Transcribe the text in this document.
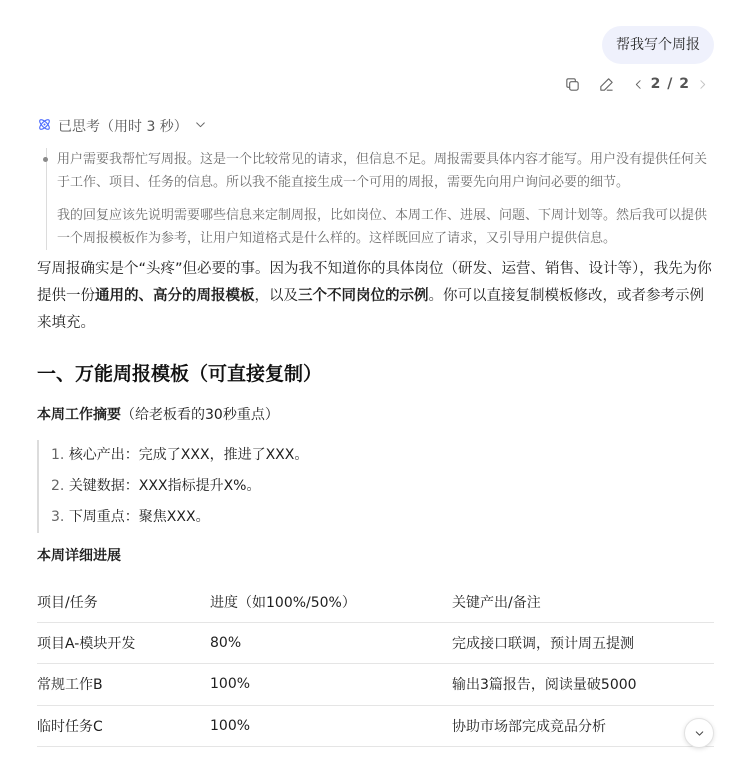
帮我写个周报
2 / 2
已思考（用时 3 秒）

用户需要我帮忙写周报。这是一个比较常见的请求，但信息不足。周报需要具体内容才能写。用户没有提供任何关于工作、项目、任务的信息。所以我不能直接生成一个可用的周报，需要先向用户询问必要的细节。

我的回复应该先说明需要哪些信息来定制周报，比如岗位、本周工作、进展、问题、下周计划等。然后我可以提供一个周报模板作为参考，让用户知道格式是什么样的。这样既回应了请求，又引导用户提供信息。

写周报确实是个“头疼”但必要的事。因为我不知道你的具体岗位（研发、运营、销售、设计等），我先为你提供一份通用的、高分的周报模板，以及三个不同岗位的示例。你可以直接复制模板修改，或者参考示例来填充。
一、万能周报模板（可直接复制）
本周工作摘要（给老板看的30秒重点）
1. 核心产出：完成了XXX，推进了XXX。
2. 关键数据：XXX指标提升X%。
3. 下周重点：聚焦XXX。
本周详细进展
项目/任务	进度（如100%/50%）	关键产出/备注
项目A-模块开发	80%	完成接口联调，预计周五提测
常规工作B	100%	输出3篇报告，阅读量破5000
临时任务C	100%	协助市场部完成竞品分析
